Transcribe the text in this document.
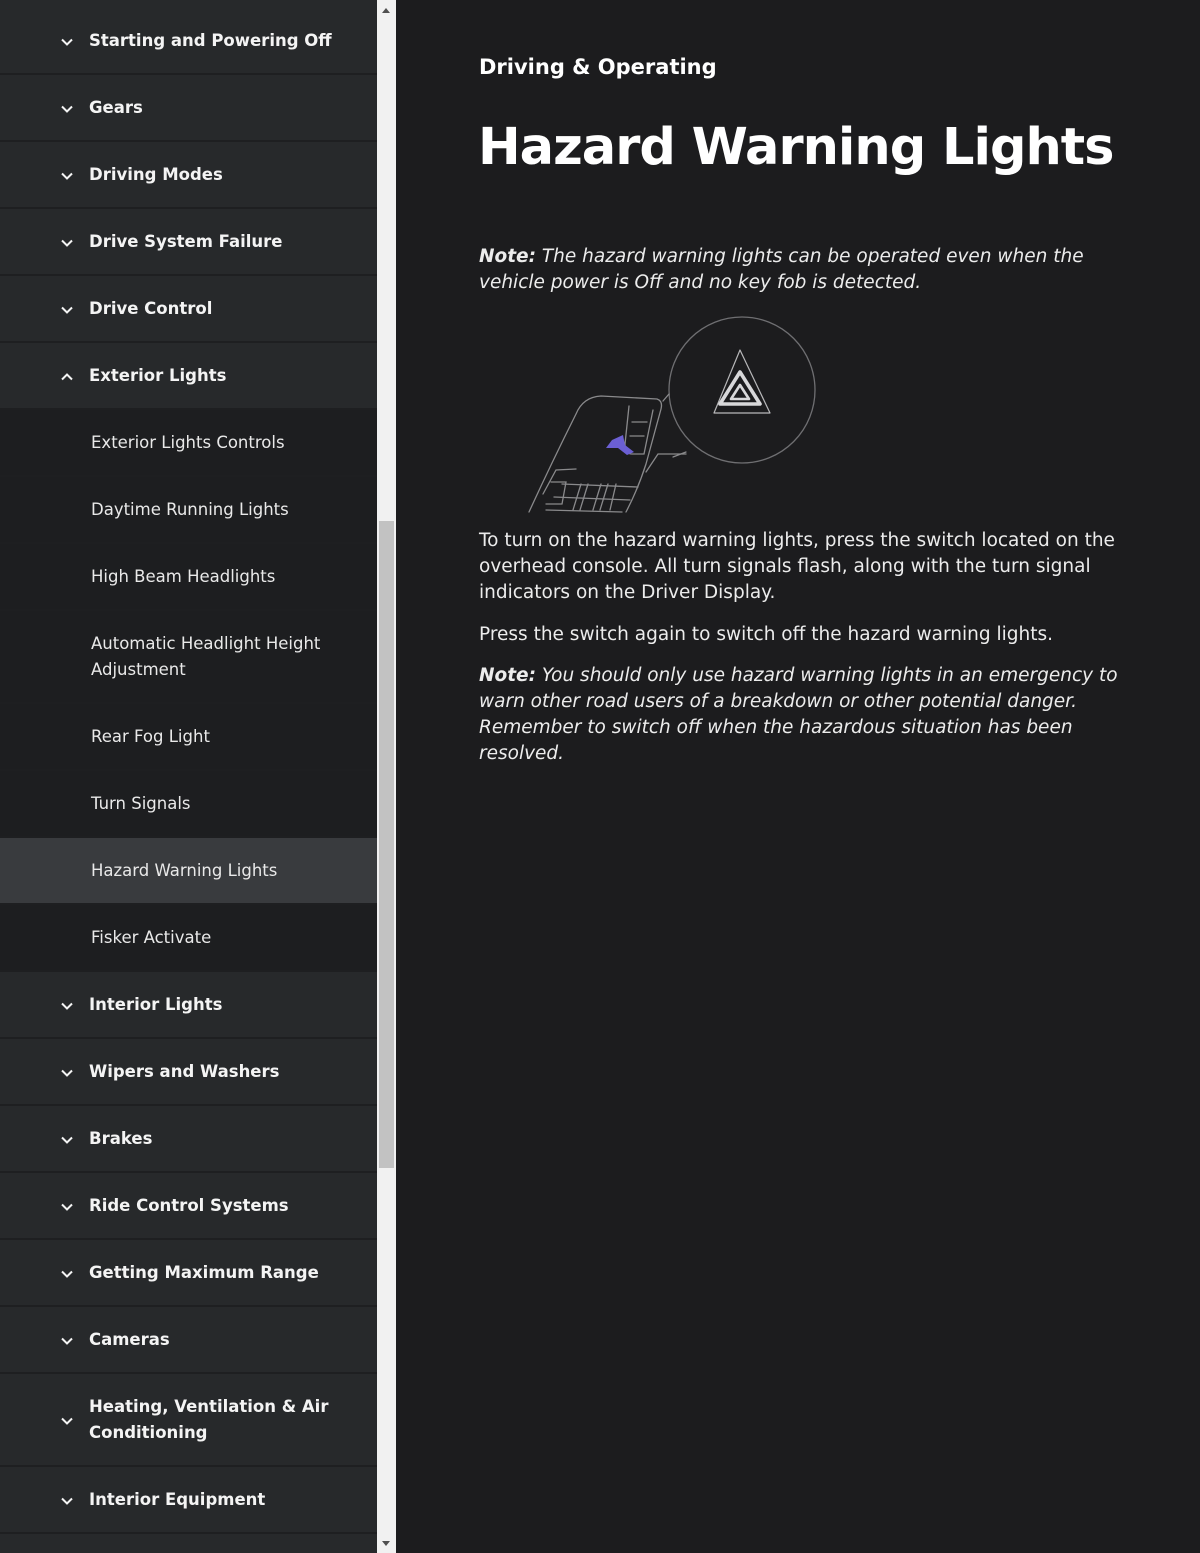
Starting and Powering Off
Gears
Driving Modes
Drive System Failure
Drive Control
Exterior Lights
Exterior Lights Controls
Daytime Running Lights
High Beam Headlights
Automatic Headlight Height Adjustment
Rear Fog Light
Turn Signals
Hazard Warning Lights
Fisker Activate
Interior Lights
Wipers and Washers
Brakes
Ride Control Systems
Getting Maximum Range
Cameras
Heating, Ventilation & Air Conditioning
Interior Equipment
Driving & Operating
Hazard Warning Lights

Note: The hazard warning lights can be operated even when the vehicle power is Off and no key fob is detected.

To turn on the hazard warning lights, press the switch located on the overhead console. All turn signals flash, along with the turn signal indicators on the Driver Display.

Press the switch again to switch off the hazard warning lights.

Note: You should only use hazard warning lights in an emergency to warn other road users of a breakdown or other potential danger. Remember to switch off when the hazardous situation has been resolved.
